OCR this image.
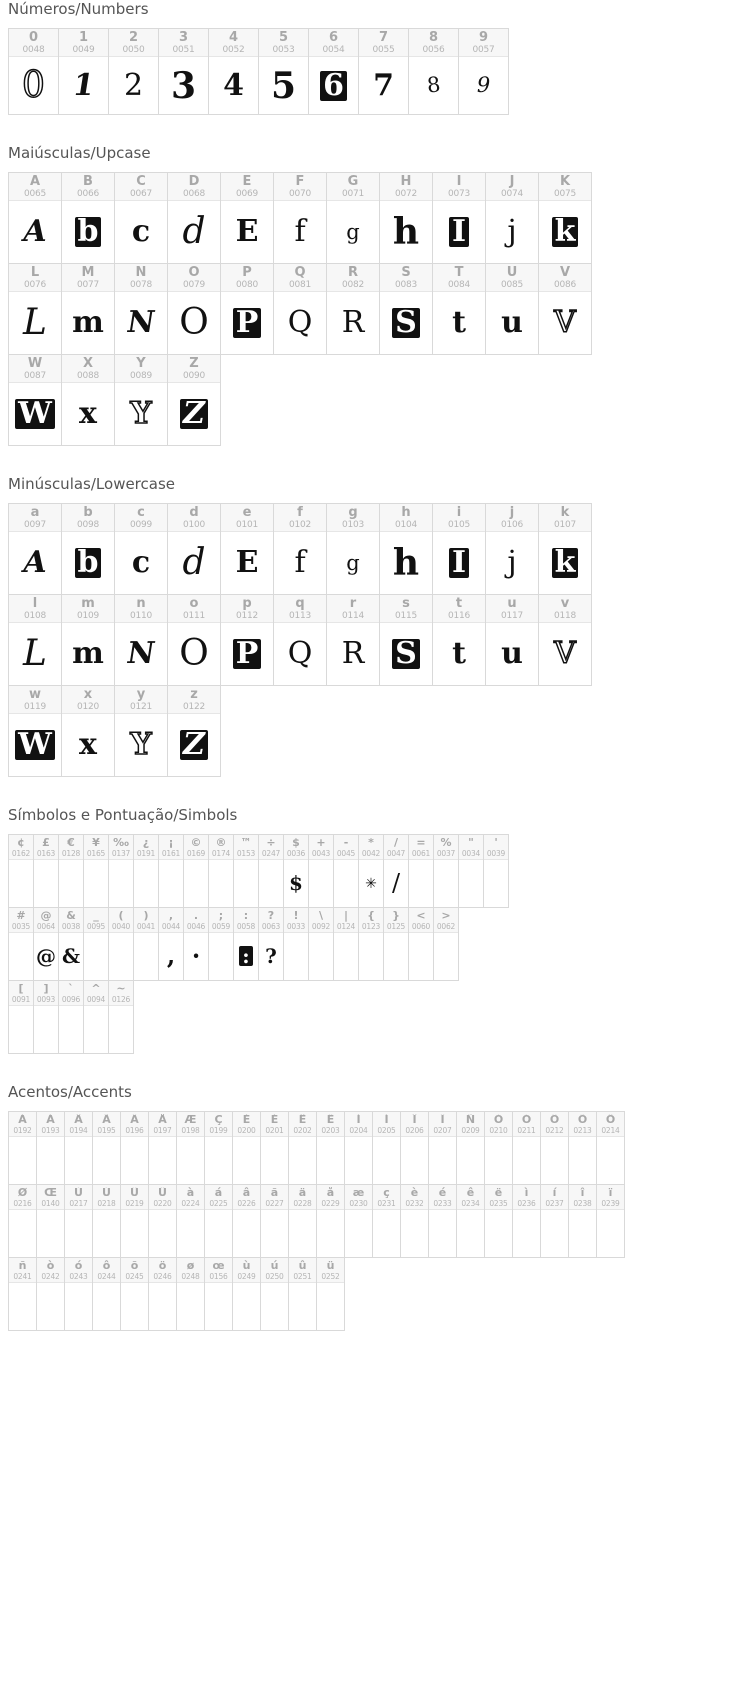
Números/Numbers
0
0048
0
1
0049
1
2
0050
2
3
0051
3
4
0052
4
5
0053
5
6
0054
6
7
0055
7
8
0056
8
9
0057
9
Maiúsculas/Upcase
A
0065
A
B
0066
b
C
0067
c
D
0068
d
E
0069
E
F
0070
f
G
0071
g
H
0072
h
I
0073
I
J
0074
j
K
0075
k
L
0076
L
M
0077
m
N
0078
N
O
0079
O
P
0080
P
Q
0081
Q
R
0082
R
S
0083
S
T
0084
t
U
0085
u
V
0086
V
W
0087
W
X
0088
x
Y
0089
Y
Z
0090
Z
Minúsculas/Lowercase
a
0097
A
b
0098
b
c
0099
c
d
0100
d
e
0101
E
f
0102
f
g
0103
g
h
0104
h
i
0105
I
j
0106
j
k
0107
k
l
0108
L
m
0109
m
n
0110
N
o
0111
O
p
0112
P
q
0113
Q
r
0114
R
s
0115
S
t
0116
t
u
0117
u
v
0118
V
w
0119
W
x
0120
x
y
0121
Y
z
0122
Z
Símbolos e Pontuação/Simbols
¢
0162
£
0163
€
0128
¥
0165
‰
0137
¿
0191
¡
0161
©
0169
®
0174
™
0153
÷
0247
$
0036
$
+
0043
-
0045
*
0042
✳
/
0047
/
=
0061
%
0037
"
0034
'
0039
#
0035
@
0064
@
&
0038
&
_
0095
(
0040
)
0041
,
0044
,
.
0046
·
;
0059
:
0058
:
?
0063
?
!
0033
\
0092
|
0124
{
0123
}
0125
<
0060
>
0062
[
0091
]
0093
`
0096
^
0094
~
0126
Acentos/Accents
À
0192
Á
0193
Â
0194
Ã
0195
Ä
0196
Å
0197
Æ
0198
Ç
0199
È
0200
É
0201
Ê
0202
Ë
0203
Ì
0204
Í
0205
Î
0206
Ï
0207
Ñ
0209
Ò
0210
Ó
0211
Ô
0212
Õ
0213
Ö
0214
Ø
0216
Œ
0140
Ù
0217
Ú
0218
Û
0219
Ü
0220
à
0224
á
0225
â
0226
ã
0227
ä
0228
å
0229
æ
0230
ç
0231
è
0232
é
0233
ê
0234
ë
0235
ì
0236
í
0237
î
0238
ï
0239
ñ
0241
ò
0242
ó
0243
ô
0244
õ
0245
ö
0246
ø
0248
œ
0156
ù
0249
ú
0250
û
0251
ü
0252
